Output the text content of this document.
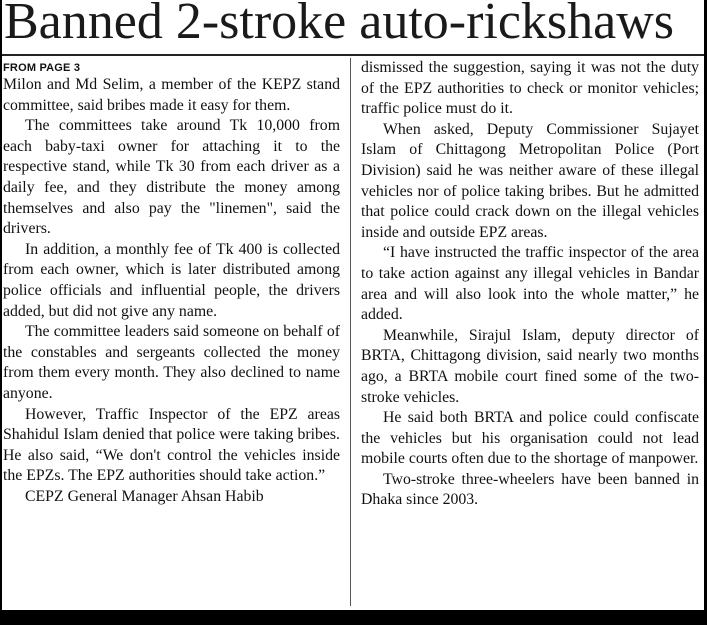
Banned 2-stroke auto-rickshaws
FROM PAGE 3

Milon and Md Selim, a member of the KEPZ stand committee, said bribes made it easy for them.

The committees take around Tk 10,000 from each baby-taxi owner for attaching it to the respective stand, while Tk 30 from each driver as a daily fee, and they distribute the money among themselves and also pay the "linemen", said the drivers.

In addition, a monthly fee of Tk 400 is collected from each owner, which is later distributed among police officials and influential people, the drivers added, but did not give any name.

The committee leaders said someone on behalf of the constables and sergeants collected the money from them every month. They also declined to name anyone.

However, Traffic Inspector of the EPZ areas Shahidul Islam denied that police were taking bribes. He also said, “We don't control the vehicles inside the EPZs. The EPZ authorities should take action.”

CEPZ General Manager Ahsan Habib

dismissed the suggestion, saying it was not the duty of the EPZ authorities to check or monitor vehicles; traffic police must do it.

When asked, Deputy Commissioner Sujayet Islam of Chittagong Metropolitan Police (Port Division) said he was neither aware of these illegal vehicles nor of police taking bribes. But he admitted that police could crack down on the illegal vehicles inside and outside EPZ areas.

“I have instructed the traffic inspector of the area to take action against any illegal vehicles in Bandar area and will also look into the whole matter,” he added.

Meanwhile, Sirajul Islam, deputy director of BRTA, Chittagong division, said nearly two months ago, a BRTA mobile court fined some of the two-stroke vehicles.

He said both BRTA and police could confiscate the vehicles but his organisation could not lead mobile courts often due to the shortage of manpower.

Two-stroke three-wheelers have been banned in Dhaka since 2003.
